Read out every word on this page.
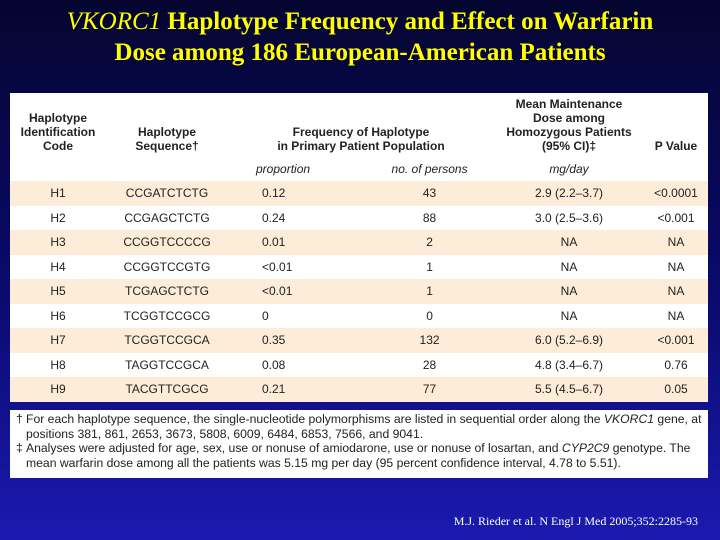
VKORC1 Haplotype Frequency and Effect on Warfarin
Dose among 186 European-American Patients
Haplotype
Identification
Code	Haplotype
Sequence†	Frequency of Haplotype
in Primary Patient Population		Mean Maintenance
Dose among
Homozygous Patients
(95% CI)‡	P Value
		proportion	no. of persons	mg/day	
H1	CCGATCTCTG	0.12	43	2.9 (2.2–3.7)	<0.0001
H2	CCGAGCTCTG	0.24	88	3.0 (2.5–3.6)	<0.001
H3	CCGGTCCCCG	0.01	2	NA	NA
H4	CCGGTCCGTG	<0.01	1	NA	NA
H5	TCGAGCTCTG	<0.01	1	NA	NA
H6	TCGGTCCGCG	0	0	NA	NA
H7	TCGGTCCGCA	0.35	132	6.0 (5.2–6.9)	<0.001
H8	TAGGTCCGCA	0.08	28	4.8 (3.4–6.7)	0.76
H9	TACGTTCGCG	0.21	77	5.5 (4.5–6.7)	0.05
† For each haplotype sequence, the single-nucleotide polymorphisms are listed in sequential order along the VKORC1 gene, at positions 381, 861, 2653, 3673, 5808, 6009, 6484, 6853, 7566, and 9041.
‡ Analyses were adjusted for age, sex, use or nonuse of amiodarone, use or nonuse of losartan, and CYP2C9 genotype. The mean warfarin dose among all the patients was 5.15 mg per day (95 percent confidence interval, 4.78 to 5.51).
M.J. Rieder et al. N Engl J Med 2005;352:2285-93
